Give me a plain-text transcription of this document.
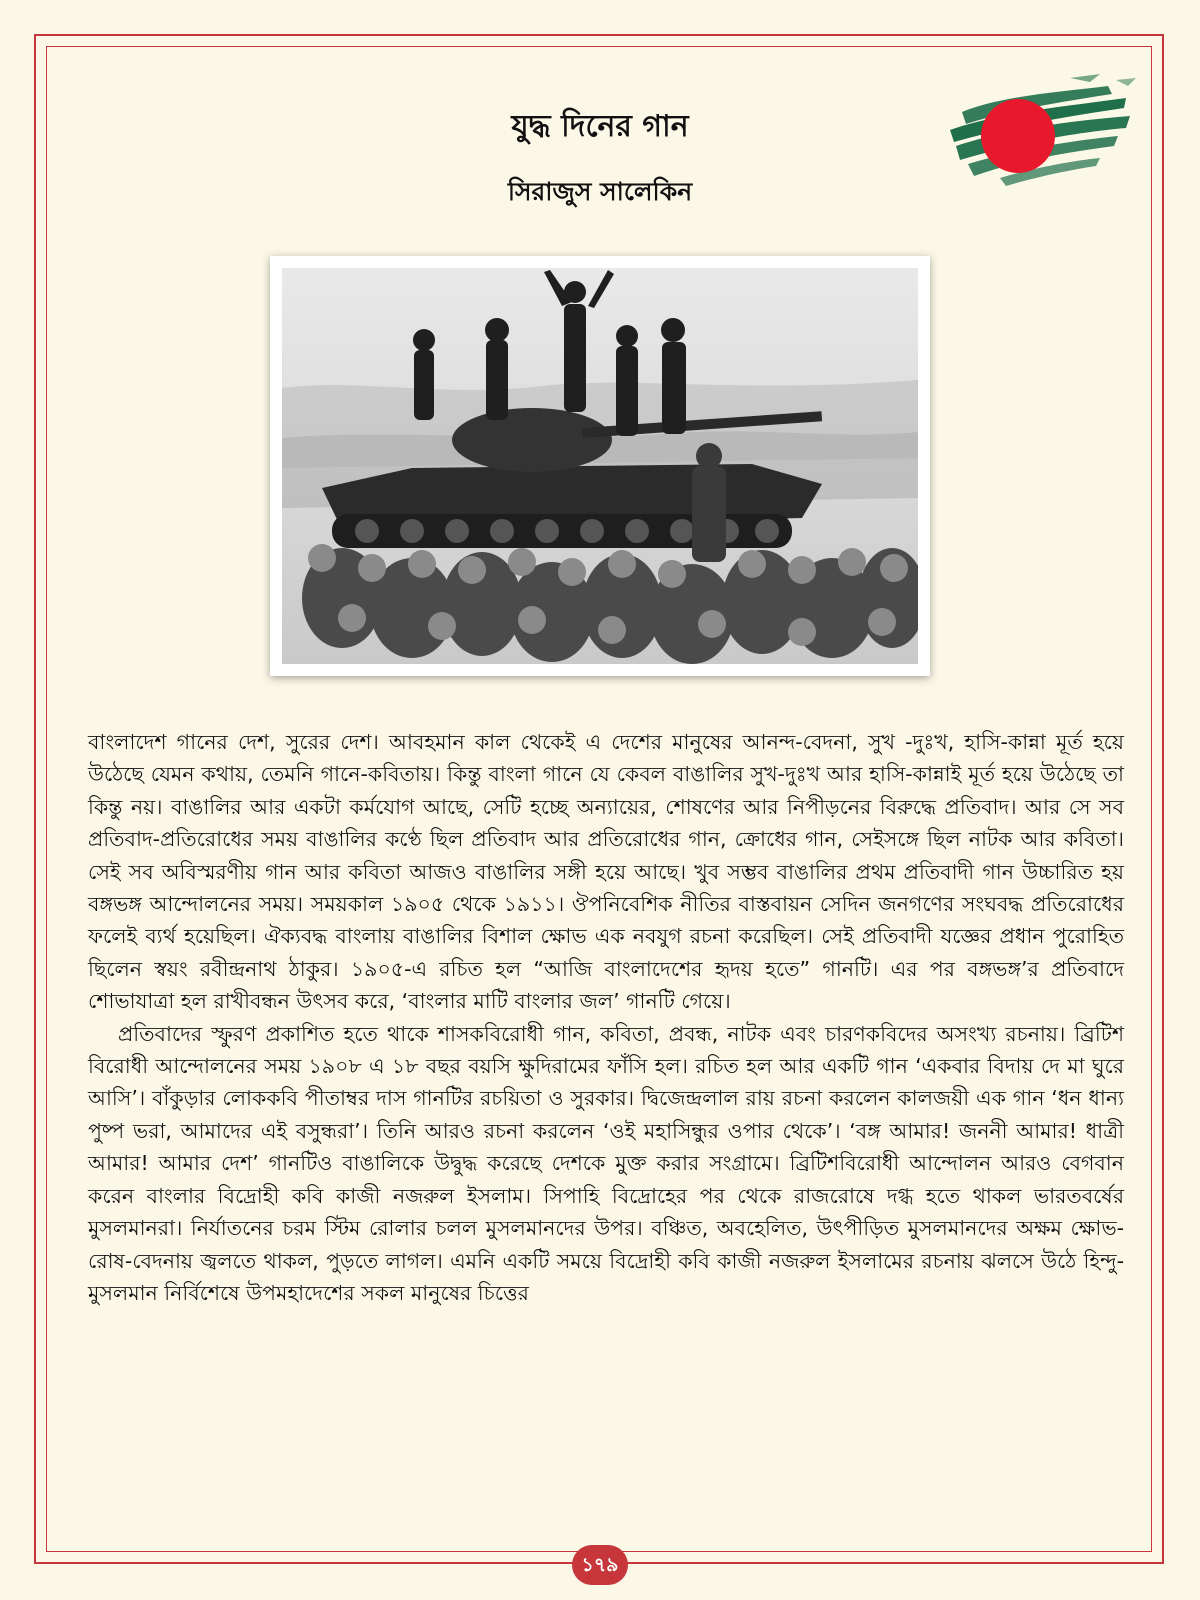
যুদ্ধ দিনের গান
সিরাজুস সালেকিন

বাংলাদেশ গানের দেশ, সুরের দেশ। আবহমান কাল থেকেই এ দেশের মানুষের আনন্দ-বেদনা, সুখ -দুঃখ, হাসি-কান্না মূর্ত হয়ে উঠেছে যেমন কথায়, তেমনি গানে-কবিতায়। কিন্তু বাংলা গানে যে কেবল বাঙালির সুখ-দুঃখ আর হাসি-কান্নাই মূর্ত হয়ে উঠেছে তা কিন্তু নয়। বাঙালির আর একটা কর্মযোগ আছে, সেটি হচ্ছে অন্যায়ের, শোষণের আর নিপীড়নের বিরুদ্ধে প্রতিবাদ। আর সে সব প্রতিবাদ-প্রতিরোধের সময় বাঙালির কণ্ঠে ছিল প্রতিবাদ আর প্রতিরোধের গান, ক্রোধের গান, সেইসঙ্গে ছিল নাটক আর কবিতা। সেই সব অবিস্মরণীয় গান আর কবিতা আজও বাঙালির সঙ্গী হয়ে আছে। খুব সম্ভব বাঙালির প্রথম প্রতিবাদী গান উচ্চারিত হয় বঙ্গভঙ্গ আন্দোলনের সময়। সময়কাল ১৯০৫ থেকে ১৯১১। ঔপনিবেশিক নীতির বাস্তবায়ন সেদিন জনগণের সংঘবদ্ধ প্রতিরোধের ফলেই ব্যর্থ হয়েছিল। ঐক্যবদ্ধ বাংলায় বাঙালির বিশাল ক্ষোভ এক নবযুগ রচনা করেছিল। সেই প্রতিবাদী যজ্ঞের প্রধান পুরোহিত ছিলেন স্বয়ং রবীন্দ্রনাথ ঠাকুর। ১৯০৫-এ রচিত হল “আজি বাংলাদেশের হৃদয় হতে” গানটি। এর পর বঙ্গভঙ্গ’র প্রতিবাদে শোভাযাত্রা হল রাখীবন্ধন উৎসব করে, ‘বাংলার মাটি বাংলার জল’ গানটি গেয়ে।

প্রতিবাদের স্ফুরণ প্রকাশিত হতে থাকে শাসকবিরোধী গান, কবিতা, প্রবন্ধ, নাটক এবং চারণকবিদের অসংখ্য রচনায়। ব্রিটিশ বিরোধী আন্দোলনের সময় ১৯০৮ এ ১৮ বছর বয়সি ক্ষুদিরামের ফাঁসি হল। রচিত হল আর একটি গান ‘একবার বিদায় দে মা ঘুরে আসি’। বাঁকুড়ার লোককবি পীতাম্বর দাস গানটির রচয়িতা ও সুরকার। দ্বিজেন্দ্রলাল রায় রচনা করলেন কালজয়ী এক গান ‘ধন ধান্য পুষ্প ভরা, আমাদের এই বসুন্ধরা’। তিনি আরও রচনা করলেন ‘ওই মহাসিন্ধুর ওপার থেকে’। ‘বঙ্গ আমার! জননী আমার! ধাত্রী আমার! আমার দেশ’ গানটিও বাঙালিকে উদ্বুদ্ধ করেছে দেশকে মুক্ত করার সংগ্রামে। ব্রিটিশবিরোধী আন্দোলন আরও বেগবান করেন বাংলার বিদ্রোহী কবি কাজী নজরুল ইসলাম। সিপাহি বিদ্রোহের পর থেকে রাজরোষে দগ্ধ হতে থাকল ভারতবর্ষের মুসলমানরা। নির্যাতনের চরম স্টিম রোলার চলল মুসলমানদের উপর। বঞ্চিত, অবহেলিত, উৎপীড়িত মুসলমানদের অক্ষম ক্ষোভ-রোষ-বেদনায় জ্বলতে থাকল, পুড়তে লাগল। এমনি একটি সময়ে বিদ্রোহী কবি কাজী নজরুল ইসলামের রচনায় ঝলসে উঠে হিন্দু-মুসলমান নির্বিশেষে উপমহাদেশের সকল মানুষের চিত্তের

১৭৯
